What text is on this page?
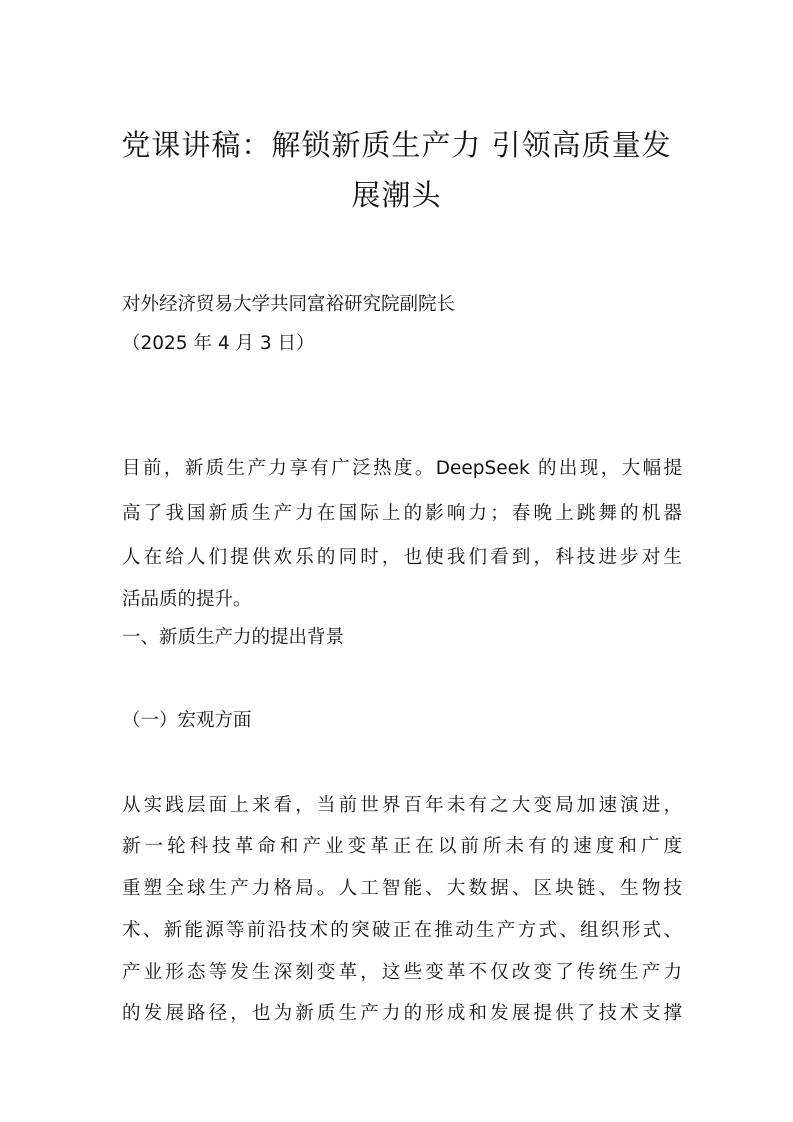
党课讲稿：解锁新质生产力 引领高质量发
展潮头

对外经济贸易大学共同富裕研究院副院长

（2025 年 4 月 3 日）

目前，新质生产力享有广泛热度。DeepSeek 的出现，大幅提

高了我国新质生产力在国际上的影响力；春晚上跳舞的机器

人在给人们提供欢乐的同时，也使我们看到，科技进步对生

活品质的提升。

一、新质生产力的提出背景

（一）宏观方面

从实践层面上来看，当前世界百年未有之大变局加速演进，

新一轮科技革命和产业变革正在以前所未有的速度和广度

重塑全球生产力格局。人工智能、大数据、区块链、生物技

术、新能源等前沿技术的突破正在推动生产方式、组织形式、

产业形态等发生深刻变革，这些变革不仅改变了传统生产力

的发展路径，也为新质生产力的形成和发展提供了技术支撑
